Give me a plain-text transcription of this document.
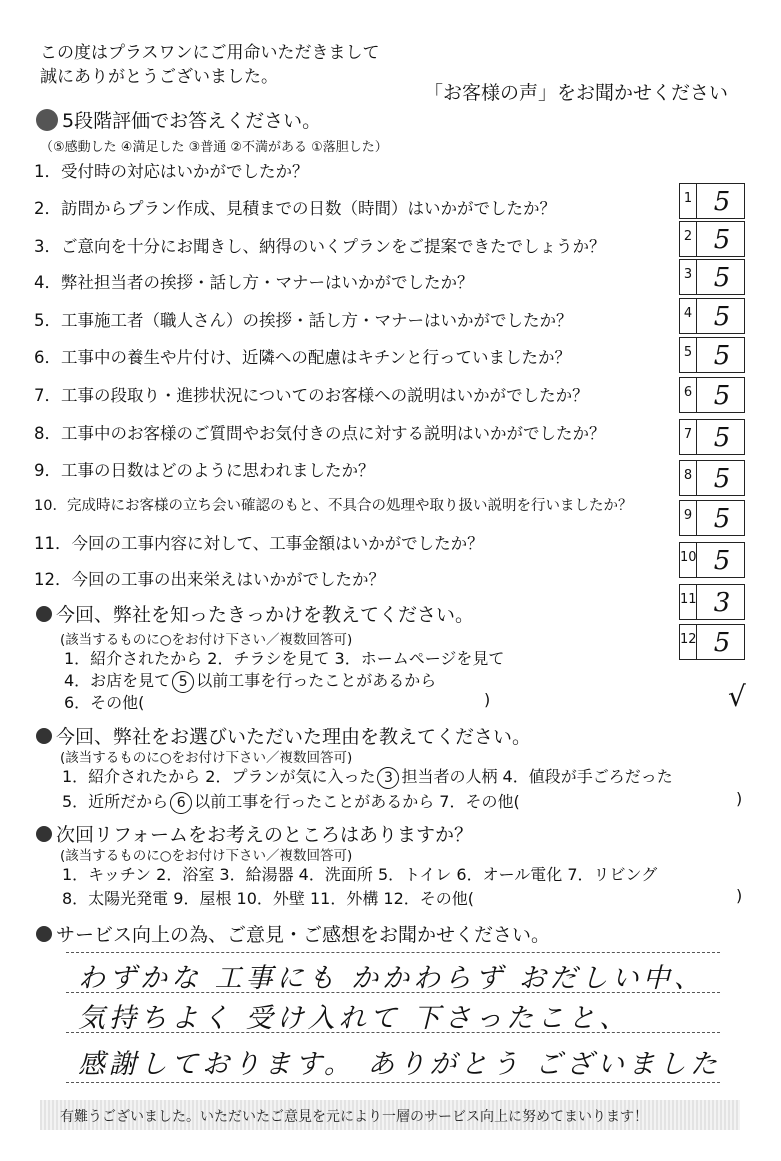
この度はプラスワンにご用命いただきまして
誠にありがとうございました。
「お客様の声」をお聞かせください
5段階評価でお答えください。
（⑤感動した ④満足した ③普通 ②不満がある ①落胆した）
1．受付時の対応はいかがでしたか？
2．訪問からプラン作成、見積までの日数（時間）はいかがでしたか？
3．ご意向を十分にお聞きし、納得のいくプランをご提案できたでしょうか？
4．弊社担当者の挨拶・話し方・マナーはいかがでしたか？
5．工事施工者（職人さん）の挨拶・話し方・マナーはいかがでしたか？
6．工事中の養生や片付け、近隣への配慮はキチンと行っていましたか？
7．工事の段取り・進捗状況についてのお客様への説明はいかがでしたか？
8．工事中のお客様のご質問やお気付きの点に対する説明はいかがでしたか？
9．工事の日数はどのように思われましたか？
10．完成時にお客様の立ち会い確認のもと、不具合の処理や取り扱い説明を行いましたか？
11．今回の工事内容に対して、工事金額はいかがでしたか？
12．今回の工事の出来栄えはいかがでしたか？
1 5
2 5
3 5
4 5
5 5
6 5
7 5
8 5
9 5
10 5
11 3
12 5
√
今回、弊社を知ったきっかけを教えてください。
(該当するものに○をお付け下さい／複数回答可)
1．紹介されたから 2．チラシを見て 3．ホームページを見て
4．お店を見て 5 以前工事を行ったことがあるから
6．その他(	)
今回、弊社をお選びいただいた理由を教えてください。
(該当するものに○をお付け下さい／複数回答可)
1．紹介されたから 2．プランが気に入った 3 担当者の人柄 4．値段が手ごろだった
5．近所だから 6 以前工事を行ったことがあるから 7．その他(	)
次回リフォームをお考えのところはありますか？
(該当するものに○をお付け下さい／複数回答可)
1．キッチン 2．浴室 3．給湯器 4．洗面所 5．トイレ 6．オール電化 7．リビング
8．太陽光発電 9．屋根 10．外壁 11．外構 12．その他(	)
サービス向上の為、ご意見・ご感想をお聞かせください。
わずかな 工事にも かかわらず おだしい中、
気持ちよく 受け入れて 下さったこと、
感謝しております。 ありがとう ございました
有難うございました。いただいたご意見を元により一層のサービス向上に努めてまいります！
